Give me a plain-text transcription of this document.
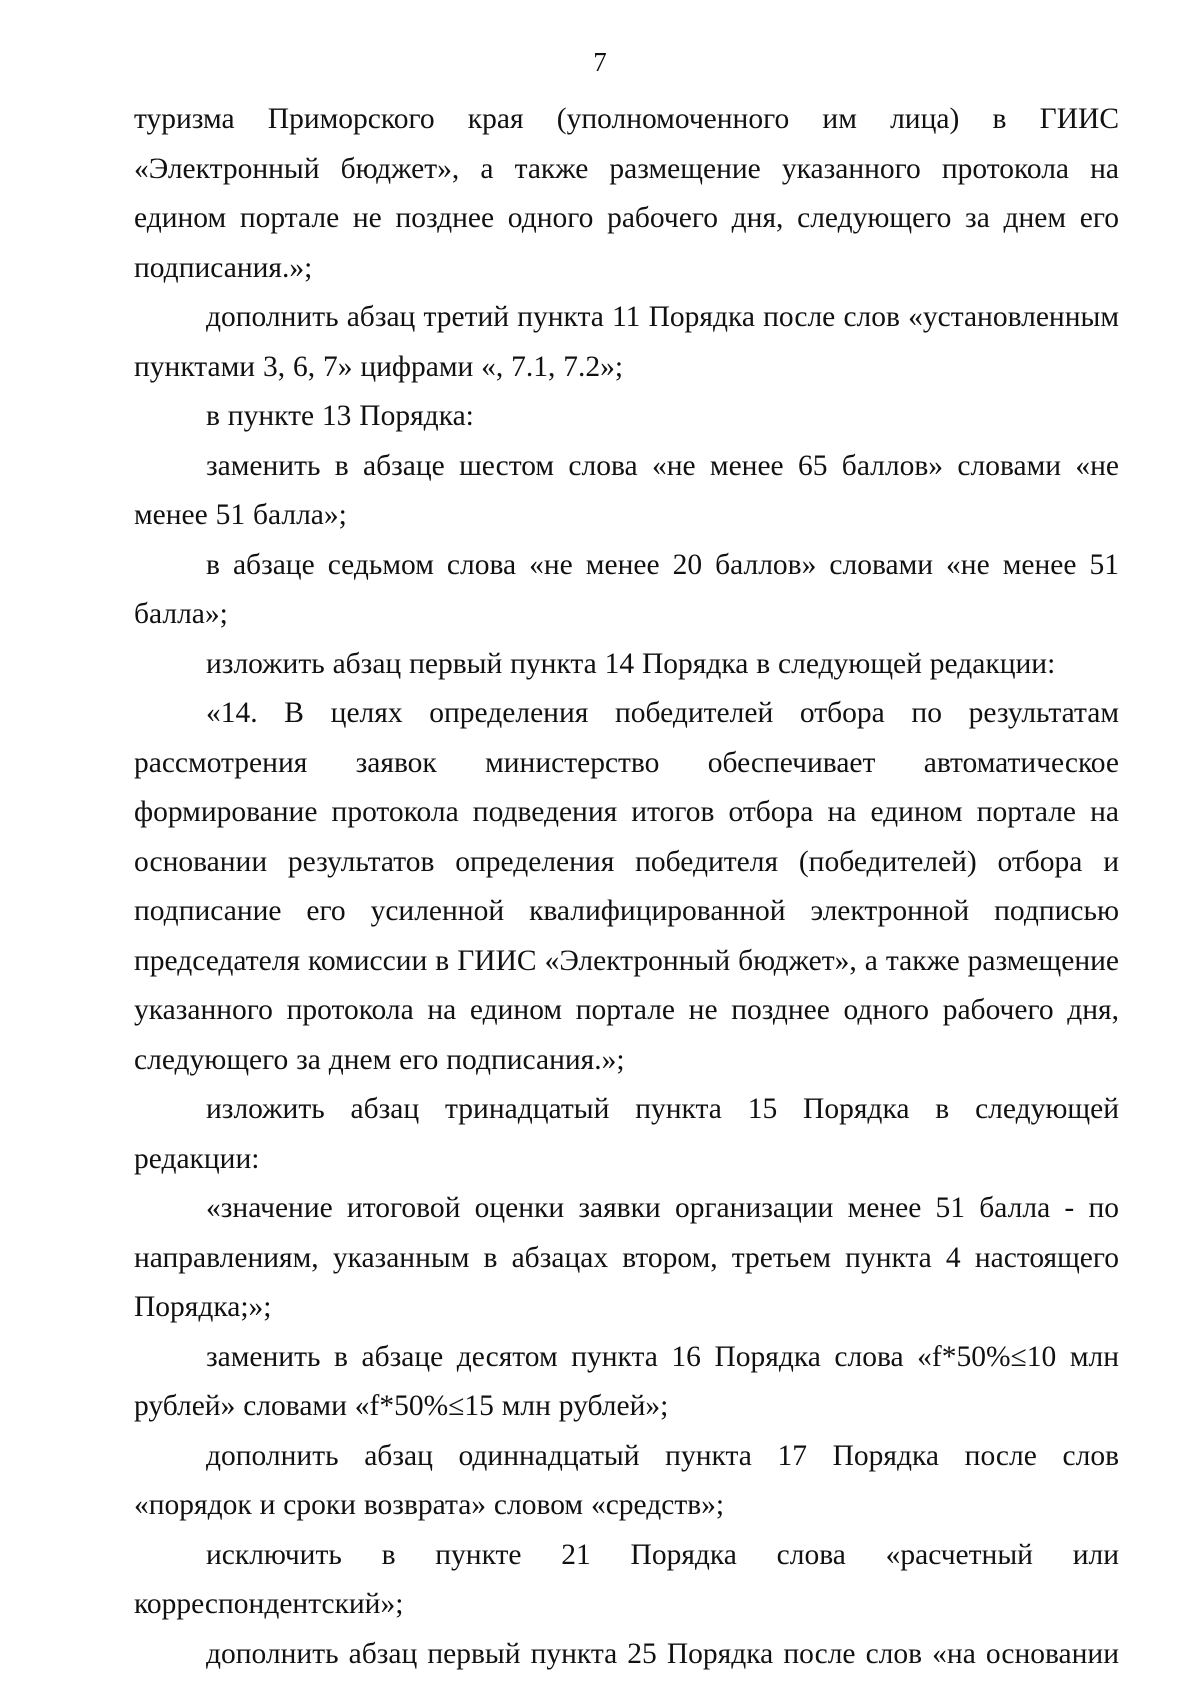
7

туризма Приморского края (уполномоченного им лица) в ГИИС «Электронный бюджет», а также размещение указанного протокола на едином портале не позднее одного рабочего дня, следующего за днем его подписания.»;

дополнить абзац третий пункта 11 Порядка после слов «установленным пунктами 3, 6, 7» цифрами «, 7.1, 7.2»;

в пункте 13 Порядка:

заменить в абзаце шестом слова «не менее 65 баллов» словами «не менее 51 балла»;

в абзаце седьмом слова «не менее 20 баллов» словами «не менее 51 балла»;

изложить абзац первый пункта 14 Порядка в следующей редакции:

«14. В целях определения победителей отбора по результатам рассмотрения заявок министерство обеспечивает автоматическое формирование протокола подведения итогов отбора на едином портале на основании результатов определения победителя (победителей) отбора и подписание его усиленной квалифицированной электронной подписью председателя комиссии в ГИИС «Электронный бюджет», а также размещение указанного протокола на едином портале не позднее одного рабочего дня, следующего за днем его подписания.»;

изложить абзац тринадцатый пункта 15 Порядка в следующей редакции:

«значение итоговой оценки заявки организации менее 51 балла - по направлениям, указанным в абзацах втором, третьем пункта 4 настоящего Порядка;»;

заменить в абзаце десятом пункта 16 Порядка слова «f*50%≤10 млн рублей» словами «f*50%≤15 млн рублей»;

дополнить абзац одиннадцатый пункта 17 Порядка после слов «порядок и сроки возврата» словом «средств»;

исключить в пункте 21 Порядка слова «расчетный или корреспондентский»;

дополнить абзац первый пункта 25 Порядка после слов «на основании
